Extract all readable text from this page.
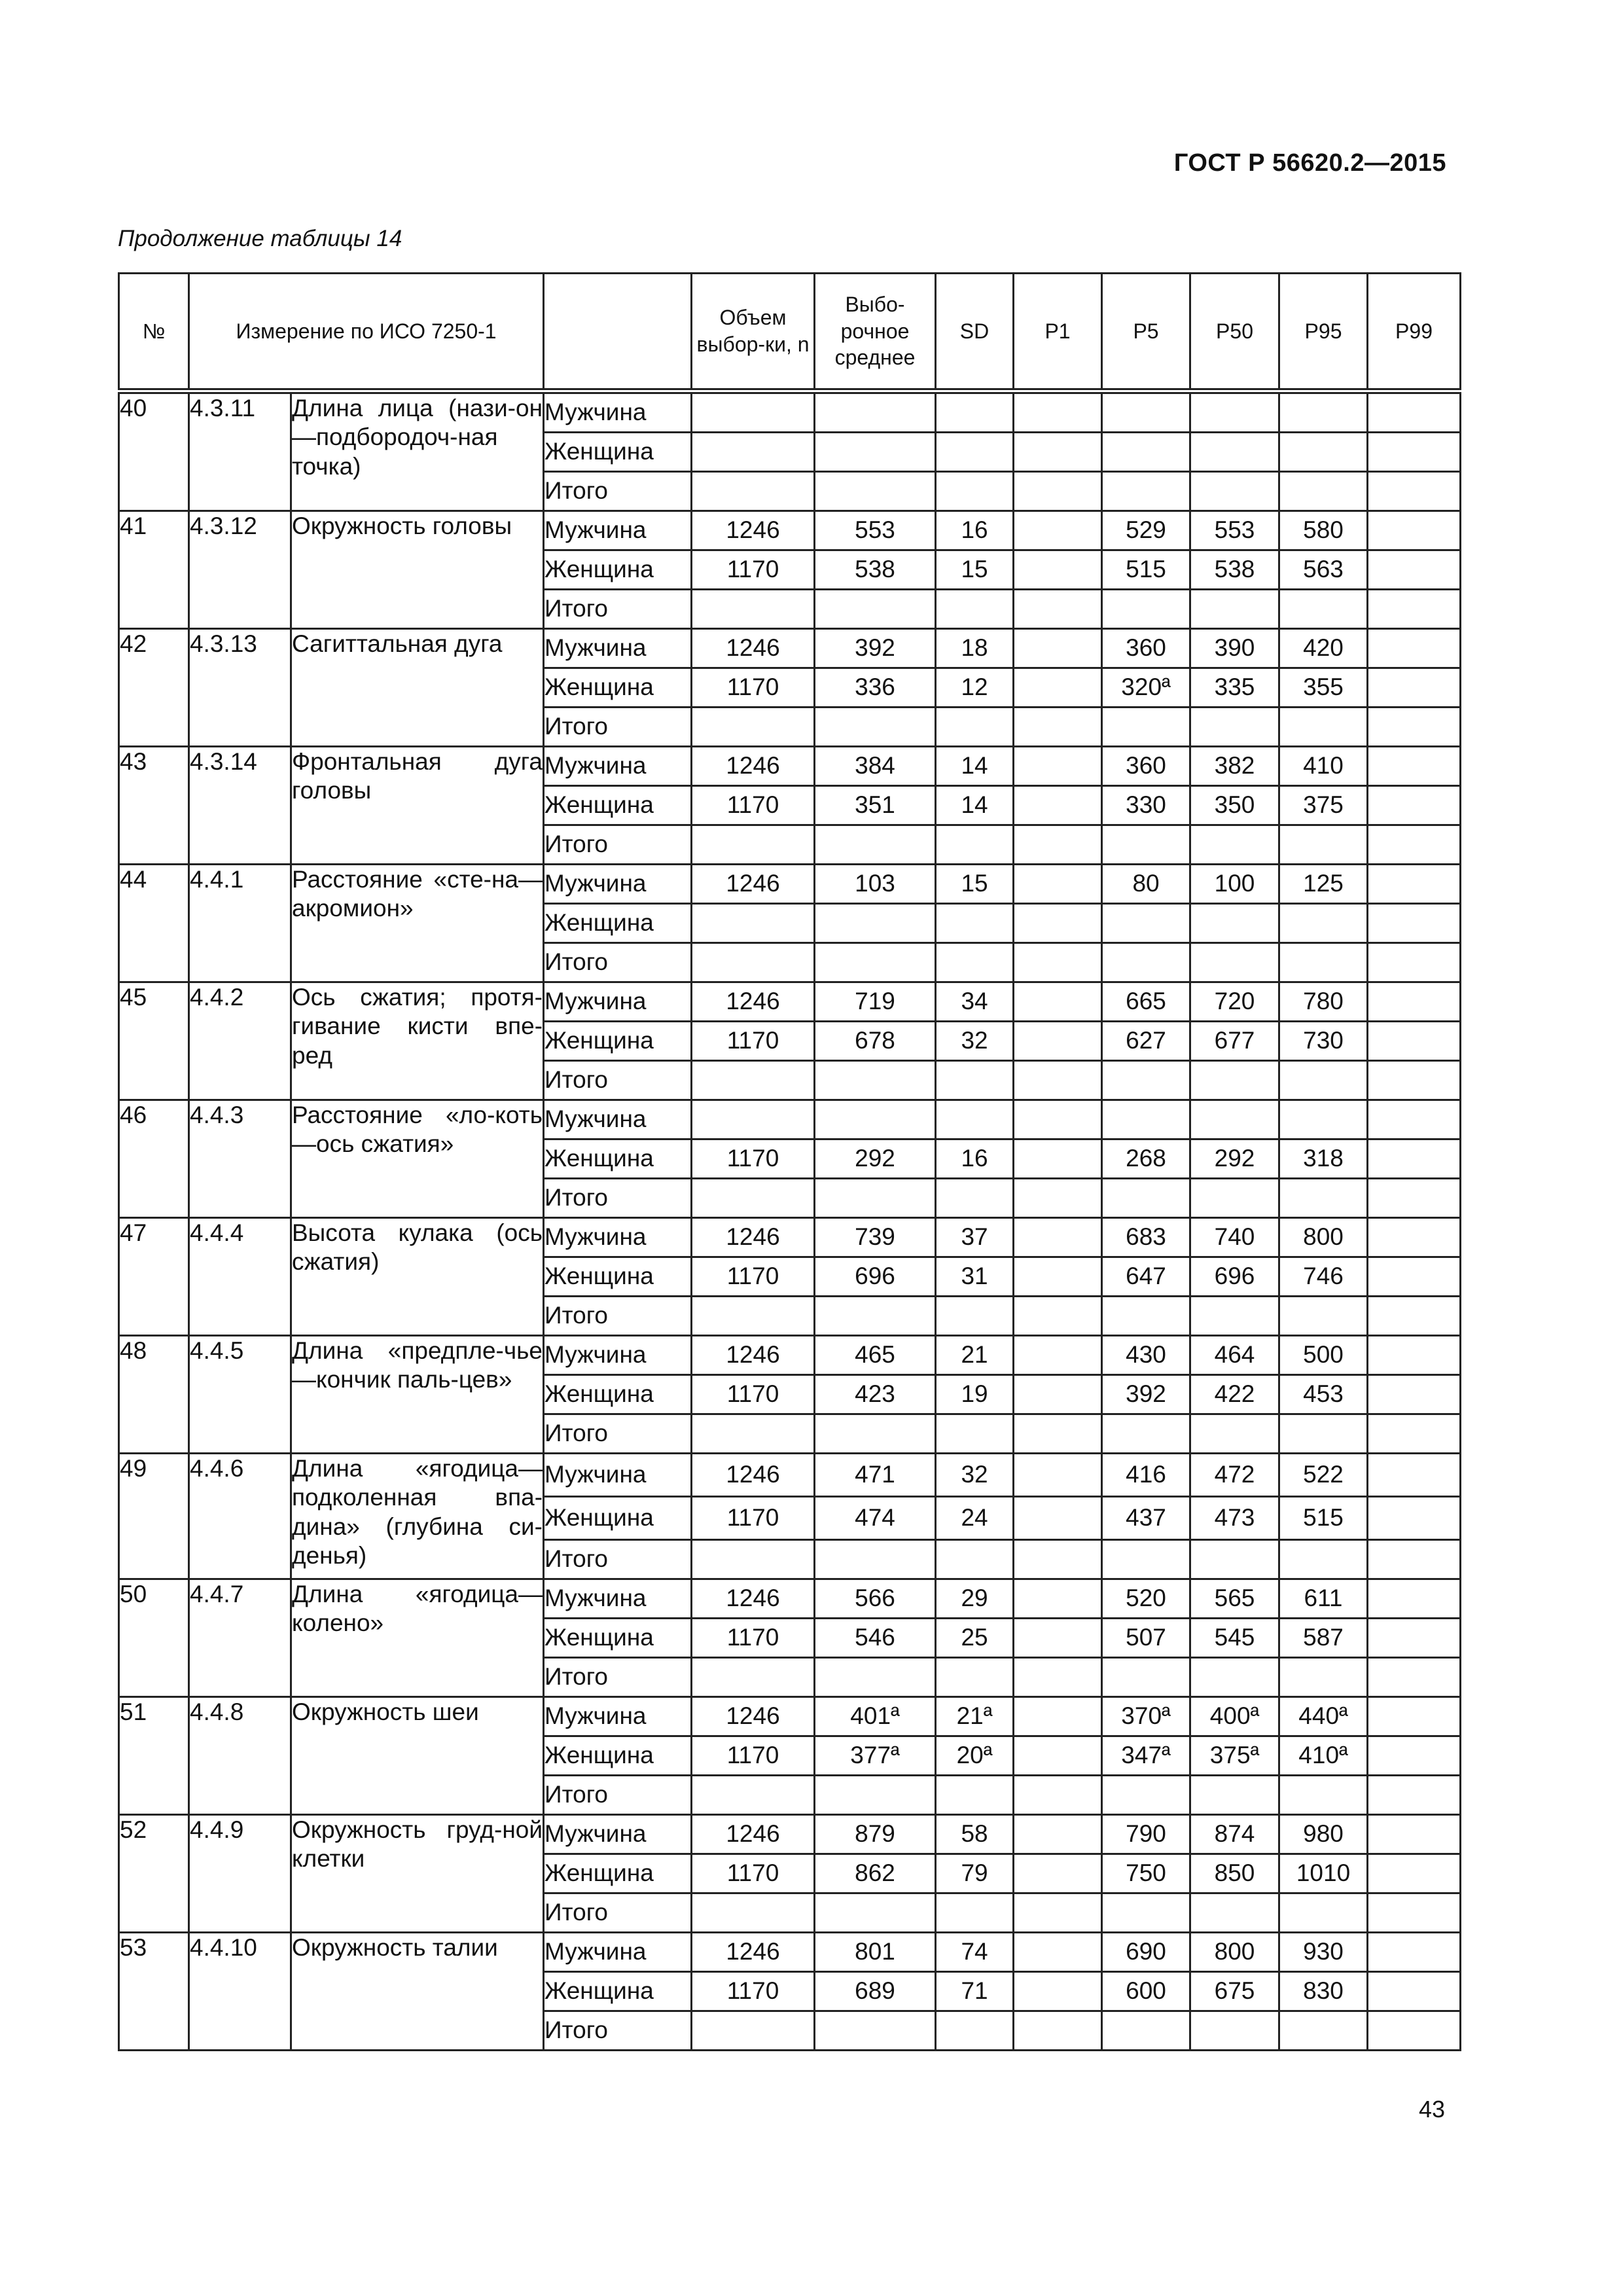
ГОСТ Р 56620.2—2015
Продолжение таблицы 14
№	Измерение по ИСО 7250-1			Объем выбор-ки, n	Выбо-рочное среднее	SD	P1	P5	P50	P95	P99
40	4.3.11	Длина лица (нази-он—подбородоч-ная точка)	Мужчина								
			Женщина								
			Итого								
41	4.3.12	Окружность головы	Мужчина	1246	553	16		529	553	580	
			Женщина	1170	538	15		515	538	563	
			Итого								
42	4.3.13	Сагиттальная дуга	Мужчина	1246	392	18		360	390	420	
			Женщина	1170	336	12		320ª	335	355	
			Итого								
43	4.3.14	Фронтальная дуга головы	Мужчина	1246	384	14		360	382	410	
			Женщина	1170	351	14		330	350	375	
			Итого								
44	4.4.1	Расстояние «сте-на—акромион»	Мужчина	1246	103	15		80	100	125	
			Женщина								
			Итого								
45	4.4.2	Ось сжатия; протя-гивание кисти впе-ред	Мужчина	1246	719	34		665	720	780	
			Женщина	1170	678	32		627	677	730	
			Итого								
46	4.4.3	Расстояние «ло-коть—ось сжатия»	Мужчина								
			Женщина	1170	292	16		268	292	318	
			Итого								
47	4.4.4	Высота кулака (ось сжатия)	Мужчина	1246	739	37		683	740	800	
			Женщина	1170	696	31		647	696	746	
			Итого								
48	4.4.5	Длина «предпле-чье—кончик паль-цев»	Мужчина	1246	465	21		430	464	500	
			Женщина	1170	423	19		392	422	453	
			Итого								
49	4.4.6	Длина «ягодица—подколенная впа-дина» (глубина си-денья)	Мужчина	1246	471	32		416	472	522	
			Женщина	1170	474	24		437	473	515	
			Итого								
50	4.4.7	Длина «ягодица—колено»	Мужчина	1246	566	29		520	565	611	
			Женщина	1170	546	25		507	545	587	
			Итого								
51	4.4.8	Окружность шеи	Мужчина	1246	401ª	21ª		370ª	400ª	440ª	
			Женщина	1170	377ª	20ª		347ª	375ª	410ª	
			Итого								
52	4.4.9	Окружность груд-ной клетки	Мужчина	1246	879	58		790	874	980	
			Женщина	1170	862	79		750	850	1010	
			Итого								
53	4.4.10	Окружность талии	Мужчина	1246	801	74		690	800	930	
			Женщина	1170	689	71		600	675	830	
			Итого								
43
